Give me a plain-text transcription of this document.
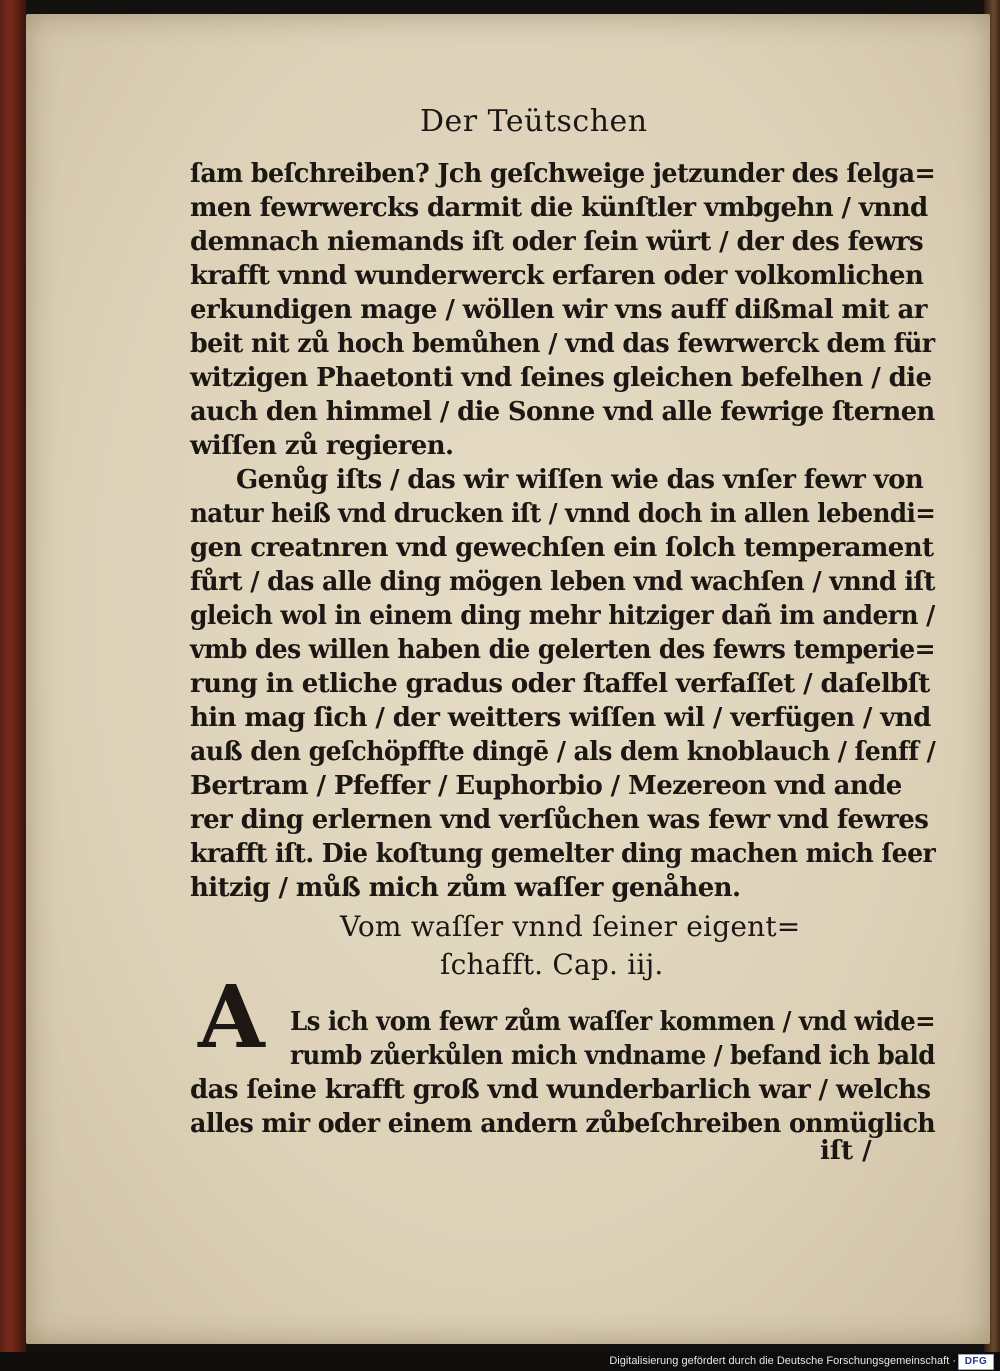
Der Teütschen
ſam beſchreiben? Jch geſchweige jetzunder des ſelga=
men fewrwercks darmit die künſtler vmbgehn / vnnd
demnach niemands iſt oder ſein würt / der des fewrs
krafft vnnd wunderwerck erfaren oder volkomlichen
erkundigen mage / wöllen wir vns auff dißmal mit ar
beit nit zů hoch bemůhen / vnd das fewrwerck dem für
witzigen Phaetonti vnd ſeines gleichen befelhen / die
auch den himmel / die Sonne vnd alle fewrige ſternen
wiſſen zů regieren.
Genůg iſts / das wir wiſſen wie das vnſer fewr von
natur heiß vnd drucken iſt / vnnd doch in allen lebendi=
gen creatnren vnd gewechſen ein ſolch temperament
fůrt / das alle ding mögen leben vnd wachſen / vnnd iſt
gleich wol in einem ding mehr hitziger dañ im andern /
vmb des willen haben die gelerten des fewrs temperie=
rung in etliche gradus oder ſtaffel verfaſſet / daſelbſt
hin mag ſich / der weitters wiſſen wil / verfügen / vnd
auß den geſchöpffte dingē / als dem knoblauch / ſenff /
Bertram / Pfeffer / Euphorbio / Mezereon vnd ande
rer ding erlernen vnd verſůchen was fewr vnd fewres
krafft iſt. Die koſtung gemelter ding machen mich ſeer
hitzig / můß mich zům waſſer genåhen.
Vom waſſer vnnd ſeiner eigent=
ſchafft. Cap. iij.
A Ls ich vom fewr zům waſſer kommen / vnd wide=
rumb zůerkůlen mich vndname / befand ich bald
das ſeine krafft groß vnd wunderbarlich war / welchs
alles mir oder einem andern zůbeſchreiben onmüglich
iſt /
Digitalisierung gefördert durch die Deutsche Forschungsgemeinschaft · DFG
